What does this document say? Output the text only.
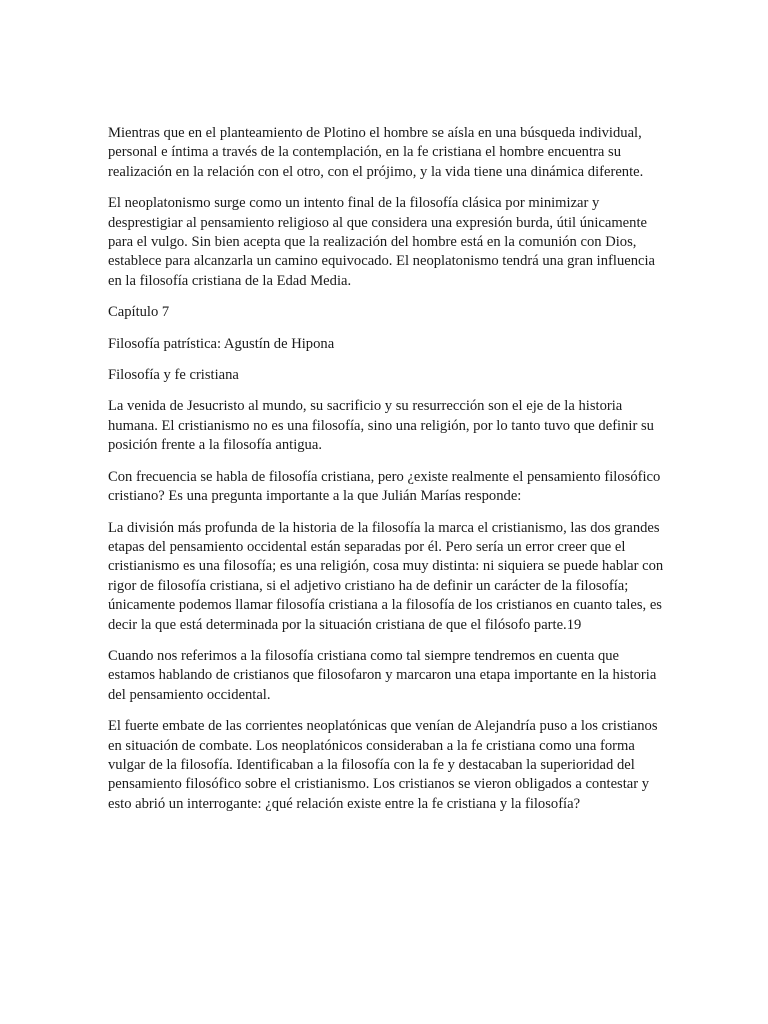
Mientras que en el planteamiento de Plotino el hombre se aísla en una búsqueda individual, personal e íntima a través de la contemplación, en la fe cristiana el hombre encuentra su realización en la relación con el otro, con el prójimo, y la vida tiene una dinámica diferente.

El neoplatonismo surge como un intento final de la filosofía clásica por minimizar y desprestigiar al pensamiento religioso al que considera una expresión burda, útil únicamente para el vulgo. Sin bien acepta que la realización del hombre está en la comunión con Dios, establece para alcanzarla un camino equivocado. El neoplatonismo tendrá una gran influencia en la filosofía cristiana de la Edad Media.

Capítulo 7

Filosofía patrística: Agustín de Hipona

Filosofía y fe cristiana

La venida de Jesucristo al mundo, su sacrificio y su resurrección son el eje de la historia humana. El cristianismo no es una filosofía, sino una religión, por lo tanto tuvo que definir su posición frente a la filosofía antigua.

Con frecuencia se habla de filosofía cristiana, pero ¿existe realmente el pensamiento filosófico cristiano? Es una pregunta importante a la que Julián Marías responde:

La división más profunda de la historia de la filosofía la marca el cristianismo, las dos grandes etapas del pensamiento occidental están separadas por él. Pero sería un error creer que el cristianismo es una filosofía; es una religión, cosa muy distinta: ni siquiera se puede hablar con rigor de filosofía cristiana, si el adjetivo cristiano ha de definir un carácter de la filosofía; únicamente podemos llamar filosofía cristiana a la filosofía de los cristianos en cuanto tales, es decir la que está determinada por la situación cristiana de que el filósofo parte.19

Cuando nos referimos a la filosofía cristiana como tal siempre tendremos en cuenta que estamos hablando de cristianos que filosofaron y marcaron una etapa importante en la historia del pensamiento occidental.

El fuerte embate de las corrientes neoplatónicas que venían de Alejandría puso a los cristianos en situación de combate. Los neoplatónicos consideraban a la fe cristiana como una forma vulgar de la filosofía. Identificaban a la filosofía con la fe y destacaban la superioridad del pensamiento filosófico sobre el cristianismo. Los cristianos se vieron obligados a contestar y esto abrió un interrogante: ¿qué relación existe entre la fe cristiana y la filosofía?
